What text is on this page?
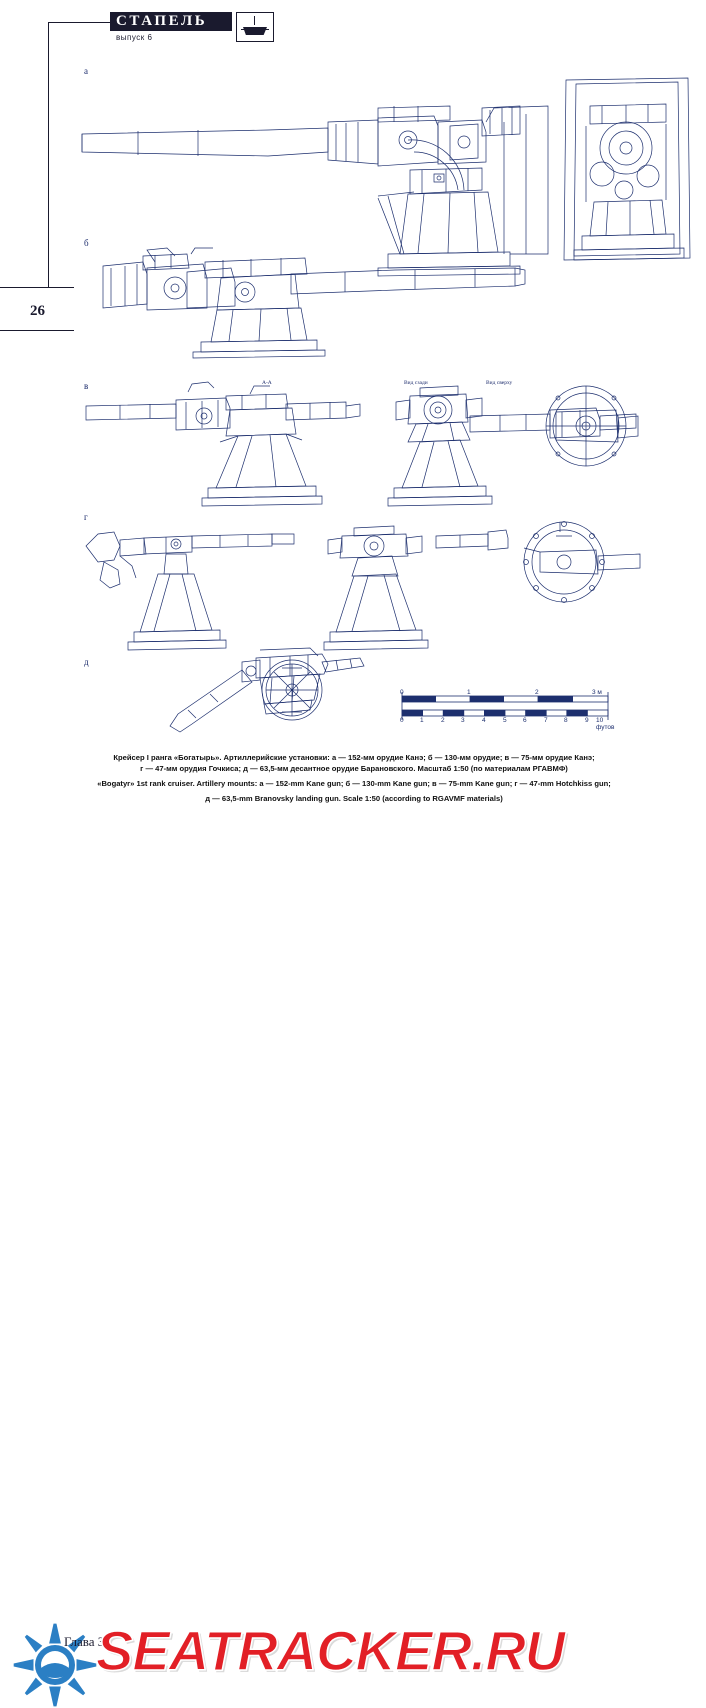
СТАПЕЛЬ
выпуск 6
26
а
б
в
г
д
А-А	Вид сзади	Вид сверху
0	1	2	3 м
0	1	2	3	4	5	6	7	8	9 10 футов
Крейсер I ранга «Богатырь». Артиллерийские установки: а — 152-мм орудие Канэ; б — 130-мм орудие; в — 75-мм орудие Канэ;
г — 47-мм орудия Гочкиса; д — 63,5-мм десантное орудие Барановского. Масштаб 1:50 (по материалам РГАВМФ)
«Bogatyr» 1st rank cruiser. Artillery mounts: a — 152-mm Kane gun; б — 130-mm Kane gun; в — 75-mm Kane gun; г — 47-mm Hotchkiss gun;
д — 63,5-mm Branovsky landing gun. Scale 1:50 (according to RGAVMF materials)
Глава 3
SEATRACKER.RU
